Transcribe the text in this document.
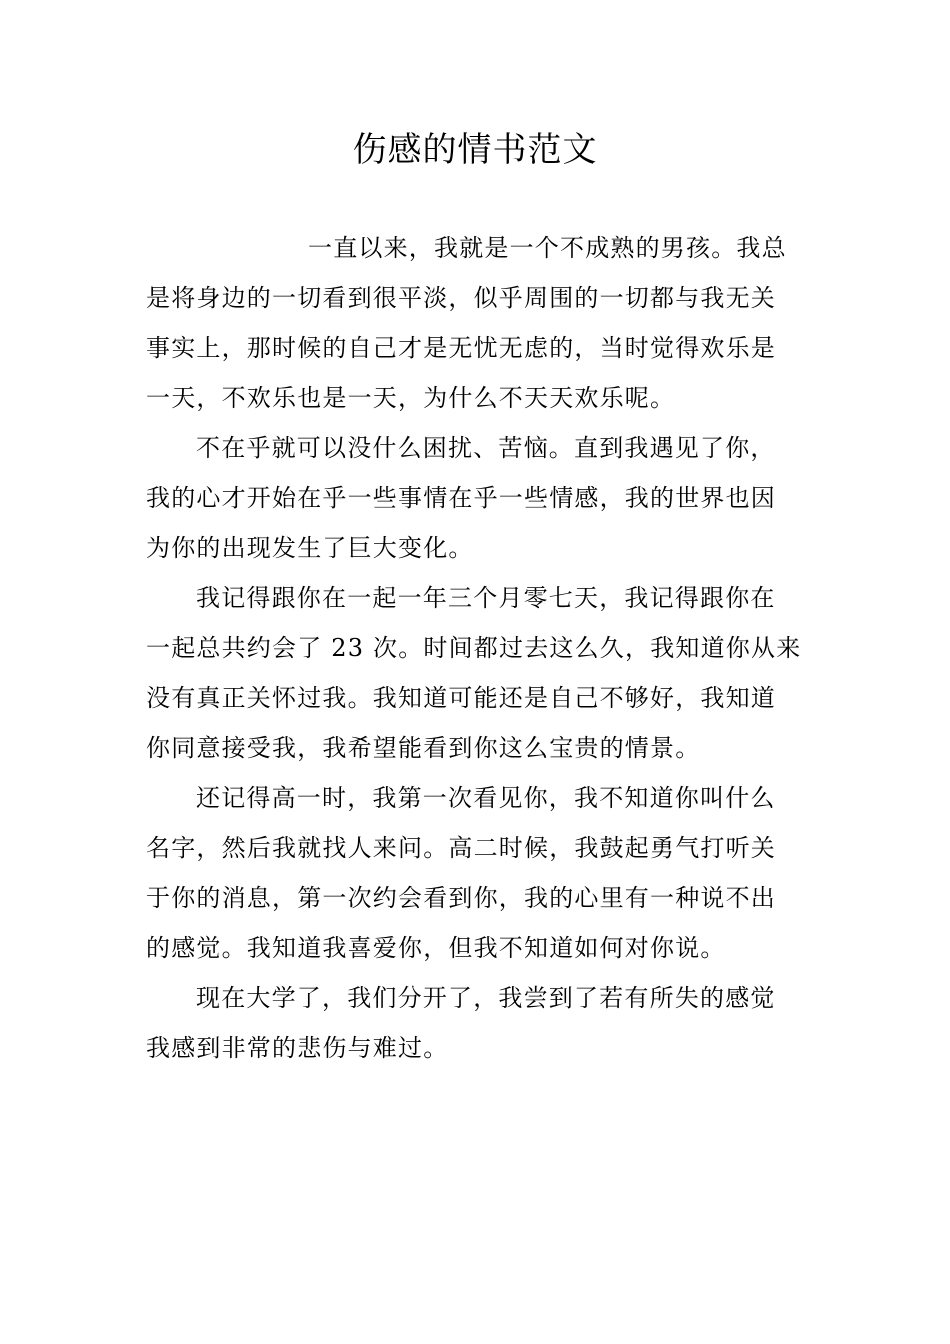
伤感的情书范文
一直以来，我就是一个不成熟的男孩。我总
是将身边的一切看到很平淡，似乎周围的一切都与我无关
事实上，那时候的自己才是无忧无虑的，当时觉得欢乐是
一天，不欢乐也是一天，为什么不天天欢乐呢。
不在乎就可以没什么困扰、苦恼。直到我遇见了你，
我的心才开始在乎一些事情在乎一些情感，我的世界也因
为你的出现发生了巨大变化。
我记得跟你在一起一年三个月零七天，我记得跟你在
一起总共约会了 23 次。时间都过去这么久，我知道你从来
没有真正关怀过我。我知道可能还是自己不够好，我知道
你同意接受我，我希望能看到你这么宝贵的情景。
还记得高一时，我第一次看见你，我不知道你叫什么
名字，然后我就找人来问。高二时候，我鼓起勇气打听关
于你的消息，第一次约会看到你，我的心里有一种说不出
的感觉。我知道我喜爱你，但我不知道如何对你说。
现在大学了，我们分开了，我尝到了若有所失的感觉
我感到非常的悲伤与难过。
